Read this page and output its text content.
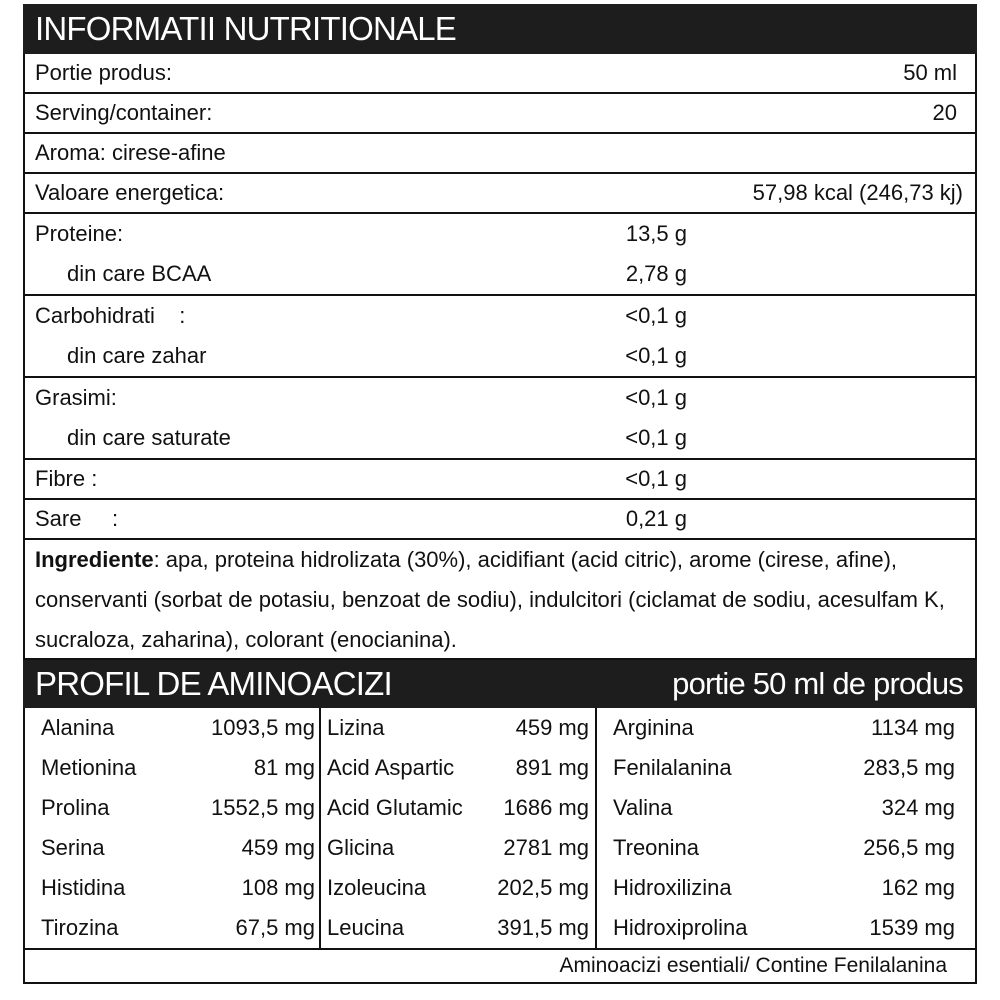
INFORMATII NUTRITIONALE
Portie produs:	50 ml
Serving/container:	20
Aroma: cirese-afine
Valoare energetica:	57,98 kcal (246,73 kj)
Proteine:	13,5 g
din care BCAA	2,78 g
Carbohidrati    :	<0,1 g
din care zahar	<0,1 g
Grasimi:	<0,1 g
din care saturate	<0,1 g
Fibre :	<0,1 g
Sare     :	0,21 g
Ingrediente: apa, proteina hidrolizata (30%), acidifiant (acid citric), arome (cirese, afine), conservanti (sorbat de potasiu, benzoat de sodiu), indulcitori (ciclamat de sodiu, acesulfam K, sucraloza, zaharina), colorant (enocianina).
PROFIL DE AMINOACIZI	portie 50 ml de produs
Alanina	1093,5 mg
Metionina	81 mg
Prolina	1552,5 mg
Serina	459 mg
Histidina	108 mg
Tirozina	67,5 mg
Lizina	459 mg
Acid Aspartic	891 mg
Acid Glutamic 1686 mg
Glicina	2781 mg
Izoleucina	202,5 mg
Leucina	391,5 mg
Arginina	1134 mg
Fenilalanina	283,5 mg
Valina	324 mg
Treonina	256,5 mg
Hidroxilizina	162 mg
Hidroxiprolina	1539 mg
Aminoacizi esentiali/ Contine Fenilalanina
